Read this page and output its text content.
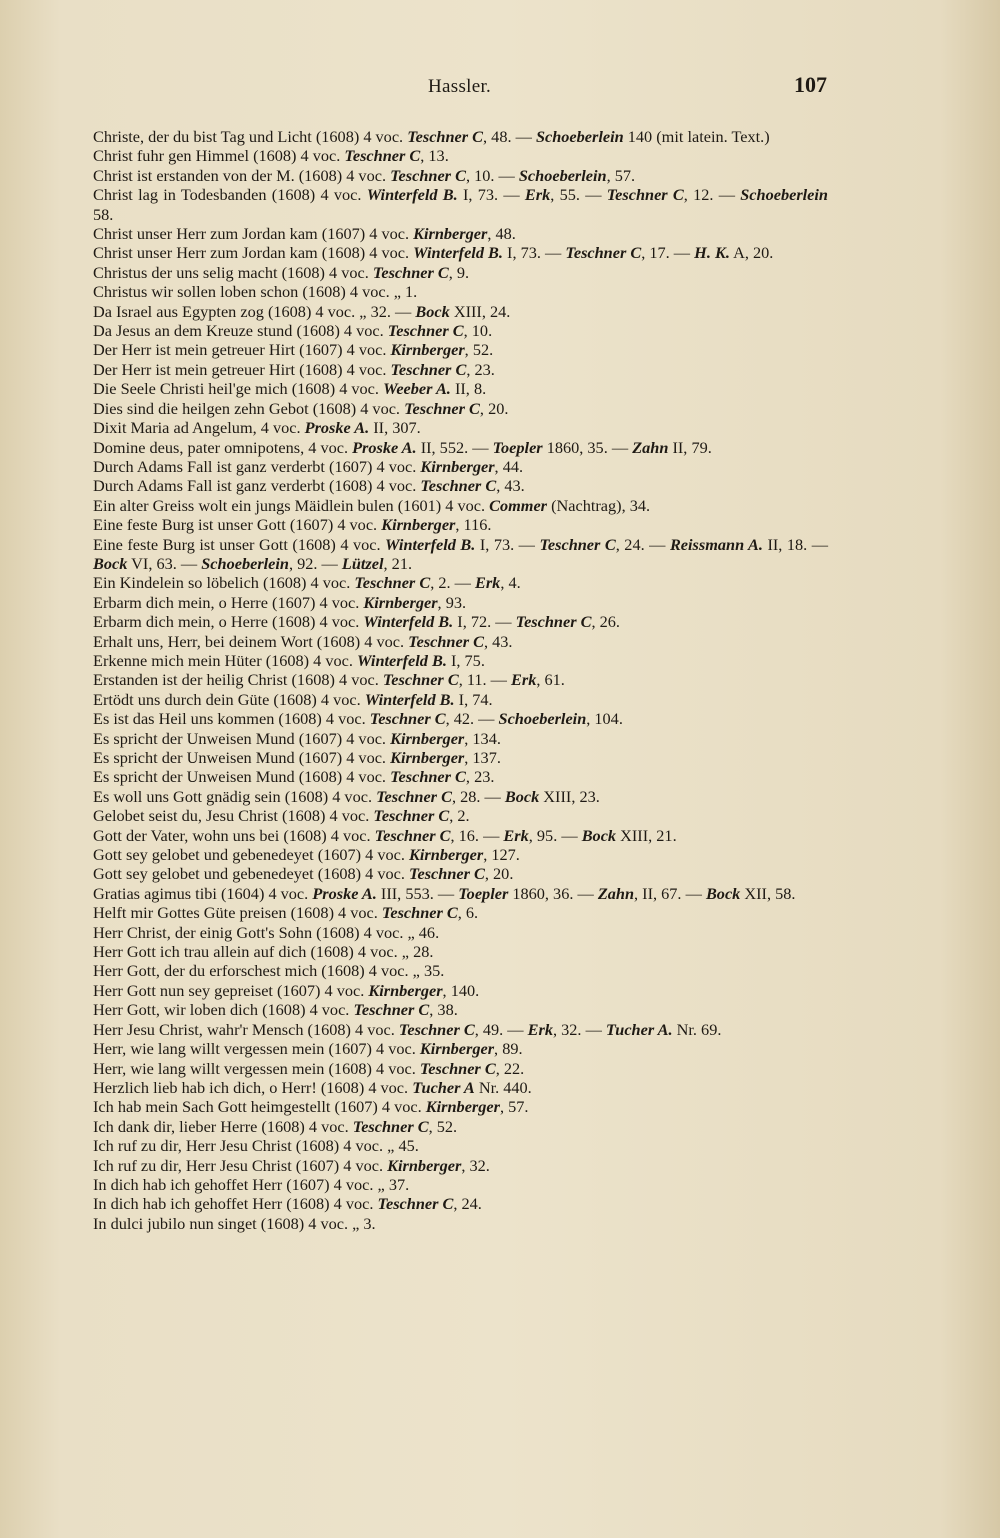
Hassler.	107
Christe, der du bist Tag und Licht (1608) 4 voc. Teschner C, 48. — Schoeberlein 140 (mit latein. Text.)
Christ fuhr gen Himmel (1608) 4 voc. Teschner C, 13.
Christ ist erstanden von der M. (1608) 4 voc. Teschner C, 10. — Schoeberlein, 57.
Christ lag in Todesbanden (1608) 4 voc. Winterfeld B. I, 73. — Erk, 55. — Teschner C, 12. — Schoeberlein 58.
Christ unser Herr zum Jordan kam (1607) 4 voc. Kirnberger, 48.
Christ unser Herr zum Jordan kam (1608) 4 voc. Winterfeld B. I, 73. — Teschner C, 17. — H. K. A, 20.
Christus der uns selig macht (1608) 4 voc. Teschner C, 9.
Christus wir sollen loben schon (1608) 4 voc. „ 1.
Da Israel aus Egypten zog (1608) 4 voc. „ 32. — Bock XIII, 24.
Da Jesus an dem Kreuze stund (1608) 4 voc. Teschner C, 10.
Der Herr ist mein getreuer Hirt (1607) 4 voc. Kirnberger, 52.
Der Herr ist mein getreuer Hirt (1608) 4 voc. Teschner C, 23.
Die Seele Christi heil'ge mich (1608) 4 voc. Weeber A. II, 8.
Dies sind die heilgen zehn Gebot (1608) 4 voc. Teschner C, 20.
Dixit Maria ad Angelum, 4 voc. Proske A. II, 307.
Domine deus, pater omnipotens, 4 voc. Proske A. II, 552. — Toepler 1860, 35. — Zahn II, 79.
Durch Adams Fall ist ganz verderbt (1607) 4 voc. Kirnberger, 44.
Durch Adams Fall ist ganz verderbt (1608) 4 voc. Teschner C, 43.
Ein alter Greiss wolt ein jungs Mäidlein bulen (1601) 4 voc. Commer (Nachtrag), 34.
Eine feste Burg ist unser Gott (1607) 4 voc. Kirnberger, 116.
Eine feste Burg ist unser Gott (1608) 4 voc. Winterfeld B. I, 73. — Teschner C, 24. — Reissmann A. II, 18. — Bock VI, 63. — Schoeberlein, 92. — Lützel, 21.
Ein Kindelein so löbelich (1608) 4 voc. Teschner C, 2. — Erk, 4.
Erbarm dich mein, o Herre (1607) 4 voc. Kirnberger, 93.
Erbarm dich mein, o Herre (1608) 4 voc. Winterfeld B. I, 72. — Teschner C, 26.
Erhalt uns, Herr, bei deinem Wort (1608) 4 voc. Teschner C, 43.
Erkenne mich mein Hüter (1608) 4 voc. Winterfeld B. I, 75.
Erstanden ist der heilig Christ (1608) 4 voc. Teschner C, 11. — Erk, 61.
Ertödt uns durch dein Güte (1608) 4 voc. Winterfeld B. I, 74.
Es ist das Heil uns kommen (1608) 4 voc. Teschner C, 42. — Schoeberlein, 104.
Es spricht der Unweisen Mund (1607) 4 voc. Kirnberger, 134.
Es spricht der Unweisen Mund (1607) 4 voc. Kirnberger, 137.
Es spricht der Unweisen Mund (1608) 4 voc. Teschner C, 23.
Es woll uns Gott gnädig sein (1608) 4 voc. Teschner C, 28. — Bock XIII, 23.
Gelobet seist du, Jesu Christ (1608) 4 voc. Teschner C, 2.
Gott der Vater, wohn uns bei (1608) 4 voc. Teschner C, 16. — Erk, 95. — Bock XIII, 21.
Gott sey gelobet und gebenedeyet (1607) 4 voc. Kirnberger, 127.
Gott sey gelobet und gebenedeyet (1608) 4 voc. Teschner C, 20.
Gratias agimus tibi (1604) 4 voc. Proske A. III, 553. — Toepler 1860, 36. — Zahn, II, 67. — Bock XII, 58.
Helft mir Gottes Güte preisen (1608) 4 voc. Teschner C, 6.
Herr Christ, der einig Gott's Sohn (1608) 4 voc. „ 46.
Herr Gott ich trau allein auf dich (1608) 4 voc. „ 28.
Herr Gott, der du erforschest mich (1608) 4 voc. „ 35.
Herr Gott nun sey gepreiset (1607) 4 voc. Kirnberger, 140.
Herr Gott, wir loben dich (1608) 4 voc. Teschner C, 38.
Herr Jesu Christ, wahr'r Mensch (1608) 4 voc. Teschner C, 49. — Erk, 32. — Tucher A. Nr. 69.
Herr, wie lang willt vergessen mein (1607) 4 voc. Kirnberger, 89.
Herr, wie lang willt vergessen mein (1608) 4 voc. Teschner C, 22.
Herzlich lieb hab ich dich, o Herr! (1608) 4 voc. Tucher A Nr. 440.
Ich hab mein Sach Gott heimgestellt (1607) 4 voc. Kirnberger, 57.
Ich dank dir, lieber Herre (1608) 4 voc. Teschner C, 52.
Ich ruf zu dir, Herr Jesu Christ (1608) 4 voc. „ 45.
Ich ruf zu dir, Herr Jesu Christ (1607) 4 voc. Kirnberger, 32.
In dich hab ich gehoffet Herr (1607) 4 voc. „ 37.
In dich hab ich gehoffet Herr (1608) 4 voc. Teschner C, 24.
In dulci jubilo nun singet (1608) 4 voc. „ 3.
